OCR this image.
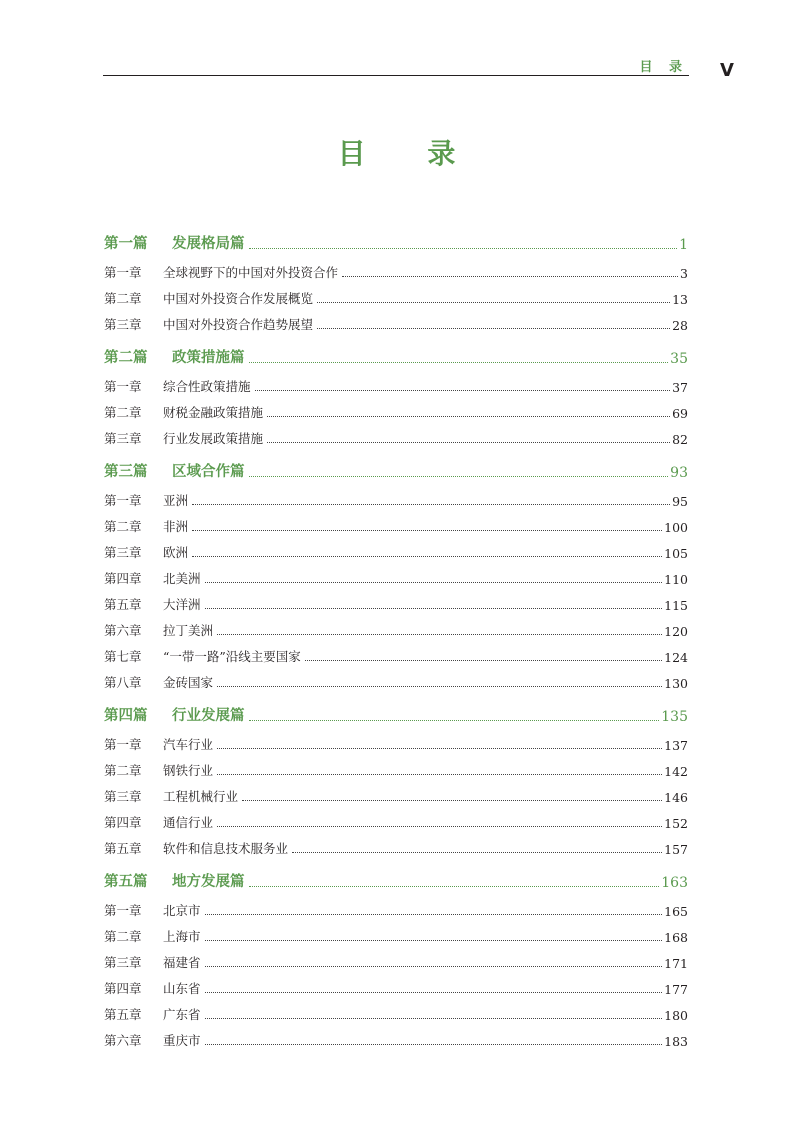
目 录 V
目 录
第一篇	发展格局篇	1
第一章	全球视野下的中国对外投资合作	3
第二章	中国对外投资合作发展概览	13
第三章	中国对外投资合作趋势展望	28
第二篇	政策措施篇	35
第一章	综合性政策措施	37
第二章	财税金融政策措施	69
第三章	行业发展政策措施	82
第三篇	区域合作篇	93
第一章	亚洲	95
第二章	非洲	100
第三章	欧洲	105
第四章	北美洲	110
第五章	大洋洲	115
第六章	拉丁美洲	120
第七章	“一带一路”沿线主要国家	124
第八章	金砖国家	130
第四篇	行业发展篇	135
第一章	汽车行业	137
第二章	钢铁行业	142
第三章	工程机械行业	146
第四章	通信行业	152
第五章	软件和信息技术服务业	157
第五篇	地方发展篇	163
第一章	北京市	165
第二章	上海市	168
第三章	福建省	171
第四章	山东省	177
第五章	广东省	180
第六章	重庆市	183
